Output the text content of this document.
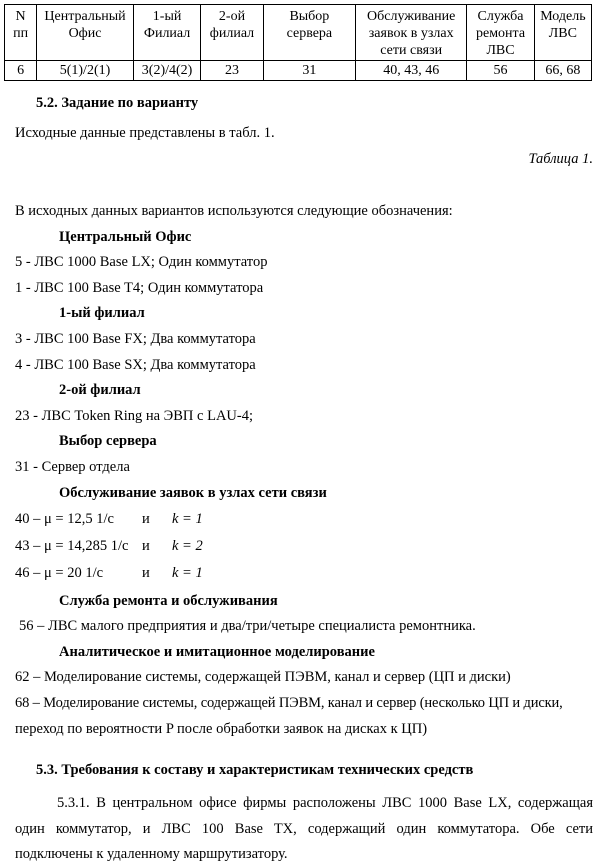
N пп	Центральный Офис	1-ый Филиал	2-ой филиал	Выбор сервера	Обслуживание заявок в узлах сети связи	Служба ремонта ЛВС	Модель ЛВС
6	5(1)/2(1)	3(2)/4(2)	23	31	40, 43, 46	56	66, 68
5.2. Задание по варианту
Исходные данные представлены в табл. 1.
Таблица 1.
В исходных данных вариантов используются следующие обозначения:
Центральный Офис
5 - ЛВС 1000 Base LX; Один коммутатор
1 - ЛВС 100 Base T4; Один коммутатора
1-ый филиал
3 - ЛВС 100 Base FX; Два коммутатора
4 - ЛВС 100 Base SX; Два коммутатора
2-ой филиал
23 - ЛВС Token Ring на ЭВП с LAU-4;
Выбор сервера
31 - Сервер отдела
Обслуживание заявок в узлах сети связи
40 – μ = 12,5 1/с и k = 1
43 – μ = 14,285 1/с и k = 2
46 – μ = 20 1/с	и k = 1
Служба ремонта и обслуживания
56 – ЛВС малого предприятия и два/три/четыре специалиста ремонтника.
Аналитическое и имитационное моделирование
62 – Моделирование системы, содержащей ПЭВМ, канал и сервер (ЦП и диски)
68 – Моделирование системы, содержащей ПЭВМ, канал и сервер (несколько ЦП и диски,
переход по вероятности P после обработки заявок на дисках к ЦП)
5.3. Требования к составу и характеристикам технических средств
5.3.1. В центральном офисе фирмы расположены ЛВС 1000 Base LX, содержащая
один коммутатор, и ЛВС 100 Base TX, содержащий один коммутатора. Обе сети
подключены к удаленному маршрутизатору.
